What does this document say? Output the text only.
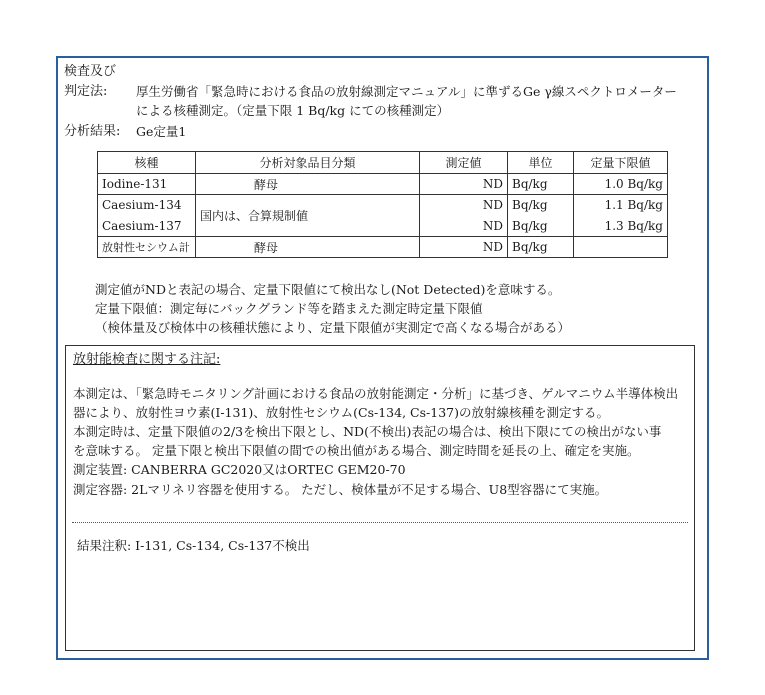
検査及び
判定法: 厚生労働省「緊急時における食品の放射線測定マニュアル」に準ずるGe γ線スペクトロメーター
による核種測定。（定量下限 1 Bq/kg にての核種測定）
分析結果: Ge定量1
核種	分析対象品目分類	測定値	単位	定量下限値
Iodine-131	酵母	ND	Bq/kg	1.0 Bq/kg
Caesium-134	国内は、合算規制値	ND	Bq/kg	1.1 Bq/kg
Caesium-137		ND	Bq/kg	1.3 Bq/kg
放射性セシウム計	酵母	ND	Bq/kg	
測定値がNDと表記の場合、定量下限値にて検出なし(Not Detected)を意味する。
定量下限値：測定毎にバックグランド等を踏まえた測定時定量下限値
（検体量及び検体中の核種状態により、定量下限値が実測定で高くなる場合がある）
放射能検査に関する注記:
本測定は、「緊急時モニタリング計画における食品の放射能測定・分析」に基づき、ゲルマニウム半導体検出
器により、放射性ヨウ素(I-131)、放射性セシウム(Cs-134, Cs-137)の放射線核種を測定する。
本測定時は、定量下限値の2/3を検出下限とし、ND(不検出)表記の場合は、検出下限にての検出がない事
を意味する。 定量下限と検出下限値の間での検出値がある場合、測定時間を延長の上、確定を実施。
測定装置: CANBERRA GC2020又はORTEC GEM20-70
測定容器: 2Lマリネリ容器を使用する。 ただし、検体量が不足する場合、U8型容器にて実施。
結果注釈: I-131, Cs-134, Cs-137不検出
